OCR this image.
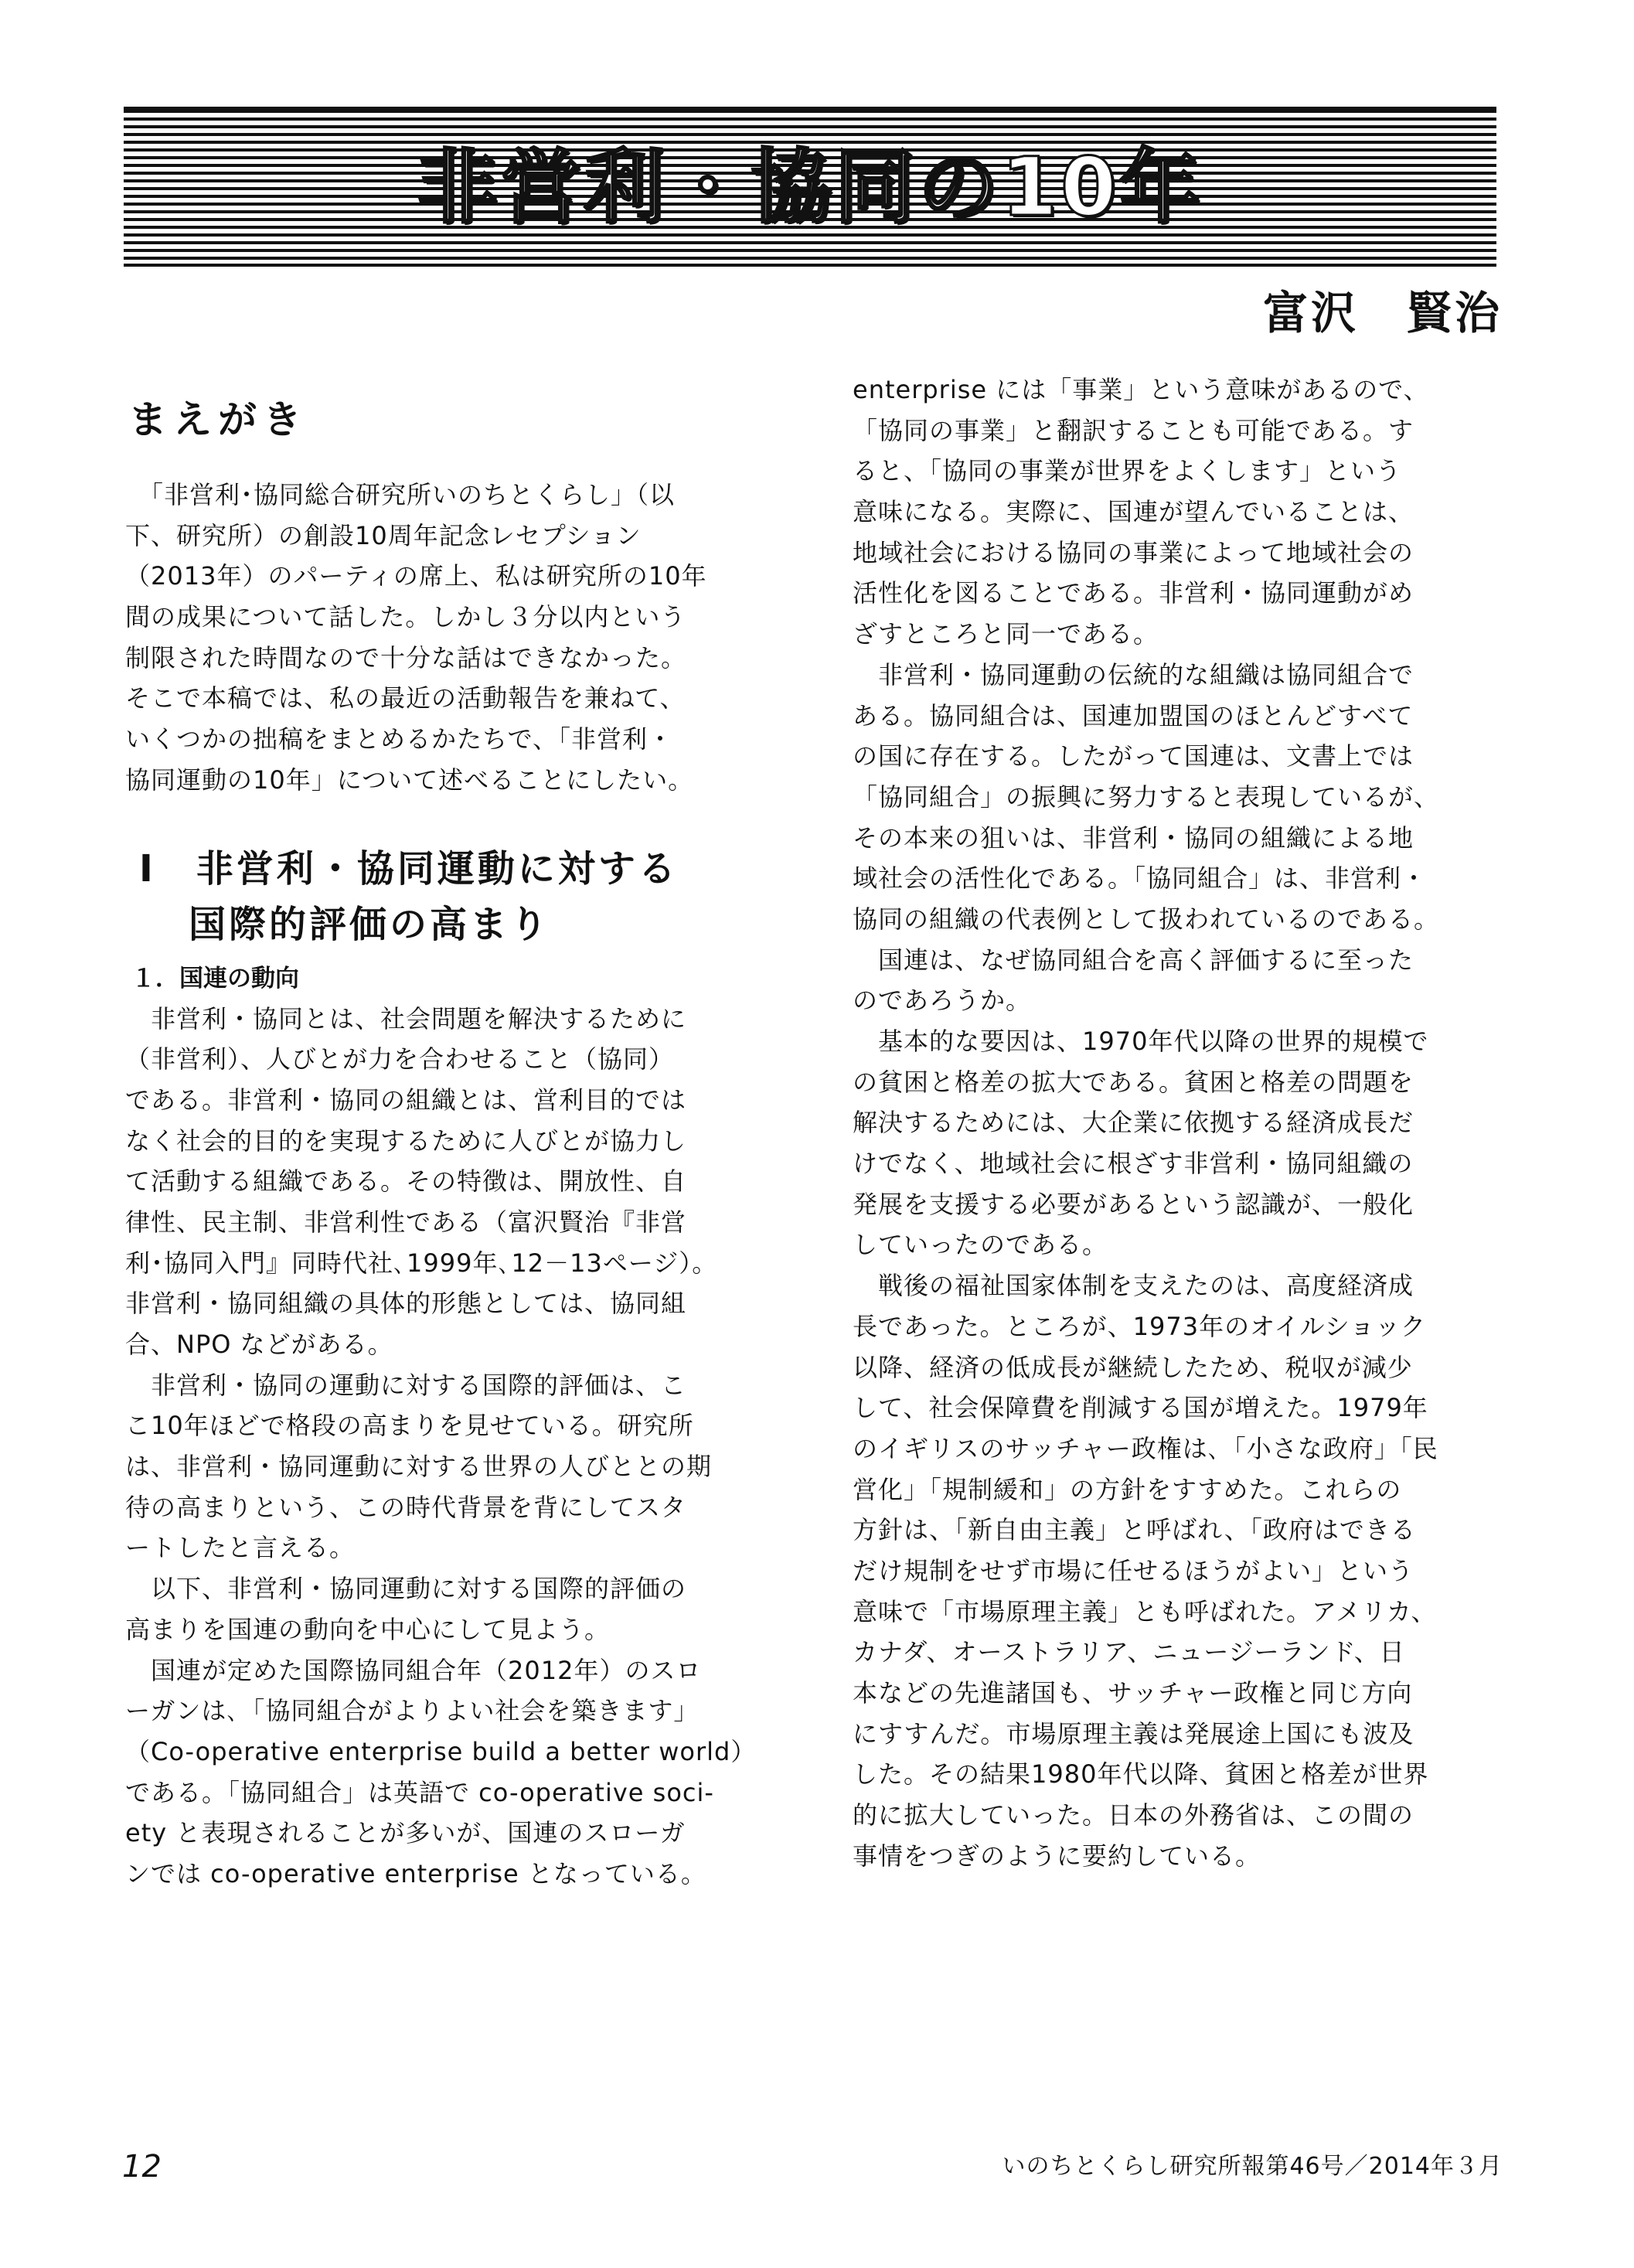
非営利・協同の10年
富沢　賢治
まえがき
　「非営利･協同総合研究所いのちとくらし」（以
下、研究所）の創設10周年記念レセプション
（2013年）のパーティの席上、私は研究所の10年
間の成果について話した。しかし３分以内という
制限された時間なので十分な話はできなかった。
そこで本稿では、私の最近の活動報告を兼ねて、
いくつかの拙稿をまとめるかたちで、「非営利・
協同運動の10年」について述べることにしたい。
Ⅰ　非営利・協同運動に対する
国際的評価の高まり
１．国連の動向
　非営利・協同とは、社会問題を解決するために
（非営利）、人びとが力を合わせること（協同）
である。非営利・協同の組織とは、営利目的では
なく社会的目的を実現するために人びとが協力し
て活動する組織である。その特徴は、開放性、自
律性、民主制、非営利性である（富沢賢治『非営
利･協同入門』同時代社､1999年､12－13ページ）。
非営利・協同組織の具体的形態としては、協同組
合、NPO などがある。
　非営利・協同の運動に対する国際的評価は、こ
こ10年ほどで格段の高まりを見せている。研究所
は、非営利・協同運動に対する世界の人びととの期
待の高まりという、この時代背景を背にしてスタ
ートしたと言える。
　以下、非営利・協同運動に対する国際的評価の
高まりを国連の動向を中心にして見よう。
　国連が定めた国際協同組合年（2012年）のスロ
ーガンは､「協同組合がよりよい社会を築きます」
（Co-operative enterprise build a better world）
である。「協同組合」は英語で co-operative soci-
ety と表現されることが多いが、国連のスローガ
ンでは co-operative enterprise となっている。
enterprise には「事業」という意味があるので、
「協同の事業」と翻訳することも可能である。す
ると、「協同の事業が世界をよくします」という
意味になる。実際に、国連が望んでいることは、
地域社会における協同の事業によって地域社会の
活性化を図ることである。非営利・協同運動がめ
ざすところと同一である。
　非営利・協同運動の伝統的な組織は協同組合で
ある。協同組合は、国連加盟国のほとんどすべて
の国に存在する。したがって国連は、文書上では
「協同組合」の振興に努力すると表現しているが、
その本来の狙いは、非営利・協同の組織による地
域社会の活性化である｡「協同組合」は、非営利・
協同の組織の代表例として扱われているのである。
　国連は、なぜ協同組合を高く評価するに至った
のであろうか。
　基本的な要因は、1970年代以降の世界的規模で
の貧困と格差の拡大である。貧困と格差の問題を
解決するためには、大企業に依拠する経済成長だ
けでなく、地域社会に根ざす非営利・協同組織の
発展を支援する必要があるという認識が、一般化
していったのである。
　戦後の福祉国家体制を支えたのは、高度経済成
長であった。ところが、1973年のオイルショック
以降、経済の低成長が継続したため、税収が減少
して、社会保障費を削減する国が増えた。1979年
のイギリスのサッチャー政権は､「小さな政府」「民
営化」「規制緩和」の方針をすすめた。これらの
方針は、「新自由主義」と呼ばれ、「政府はできる
だけ規制をせず市場に任せるほうがよい」という
意味で「市場原理主義」とも呼ばれた。アメリカ、
カナダ、オーストラリア、ニュージーランド、日
本などの先進諸国も、サッチャー政権と同じ方向
にすすんだ。市場原理主義は発展途上国にも波及
した。その結果1980年代以降、貧困と格差が世界
的に拡大していった。日本の外務省は、この間の
事情をつぎのように要約している。
12	いのちとくらし研究所報第46号／2014年３月
